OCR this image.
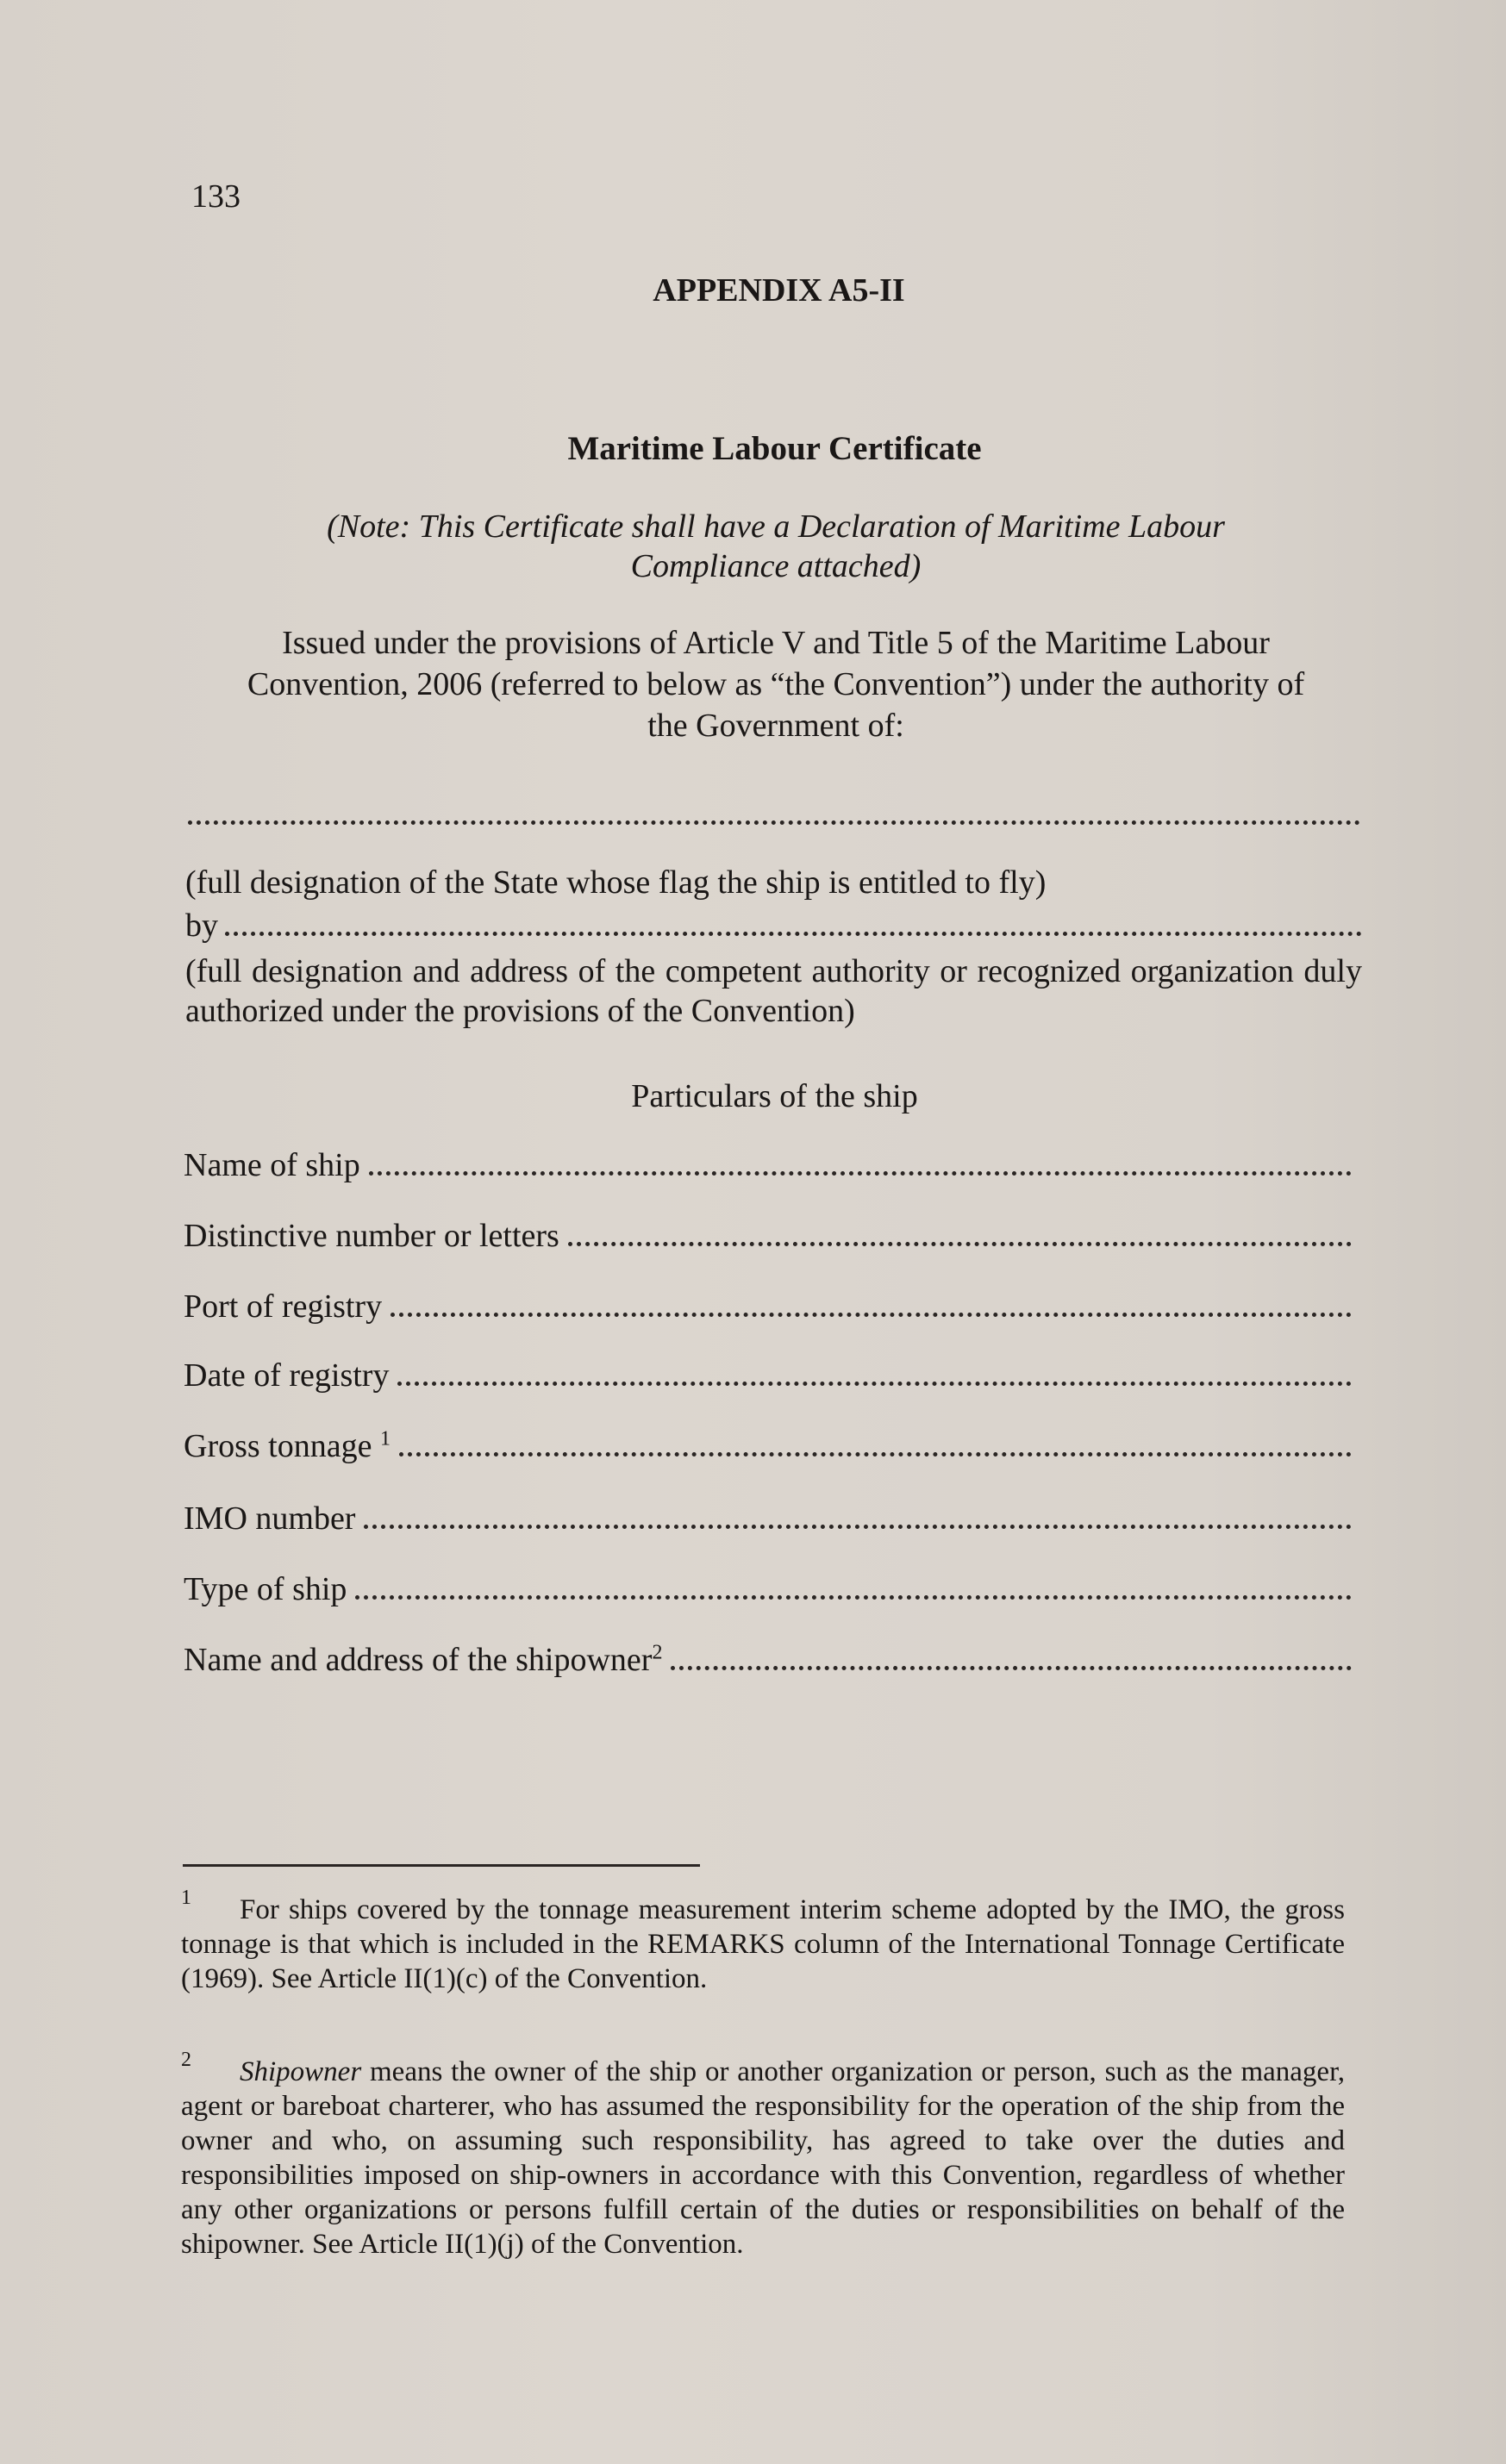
133
APPENDIX A5-II
Maritime Labour Certificate
(Note: This Certificate shall have a Declaration of Maritime Labour
Compliance attached)
Issued under the provisions of Article V and Title 5 of the Maritime Labour
Convention, 2006 (referred to below as “the Convention”) under the authority of
the Government of:
(full designation of the State whose flag the ship is entitled to fly)
by
(full designation and address of the competent authority or recognized organization duly authorized under the provisions of the Convention)
Particulars of the ship
Name of ship
Distinctive number or letters
Port of registry
Date of registry
Gross tonnage $^1$
IMO number
Type of ship
Name and address of the shipowner$^2$
1	For ships covered by the tonnage measurement interim scheme adopted by the IMO, the gross tonnage is that which is included in the REMARKS column of the International Tonnage Certificate (1969). See Article II(1)(c) of the Convention.
2	Shipowner means the owner of the ship or another organization or person, such as the manager, agent or bareboat charterer, who has assumed the responsibility for the operation of the ship from the owner and who, on assuming such responsibility, has agreed to take over the duties and responsibilities imposed on ship-owners in accordance with this Convention, regardless of whether any other organizations or persons fulfill certain of the duties or responsibilities on behalf of the shipowner. See Article II(1)(j) of the Convention.
